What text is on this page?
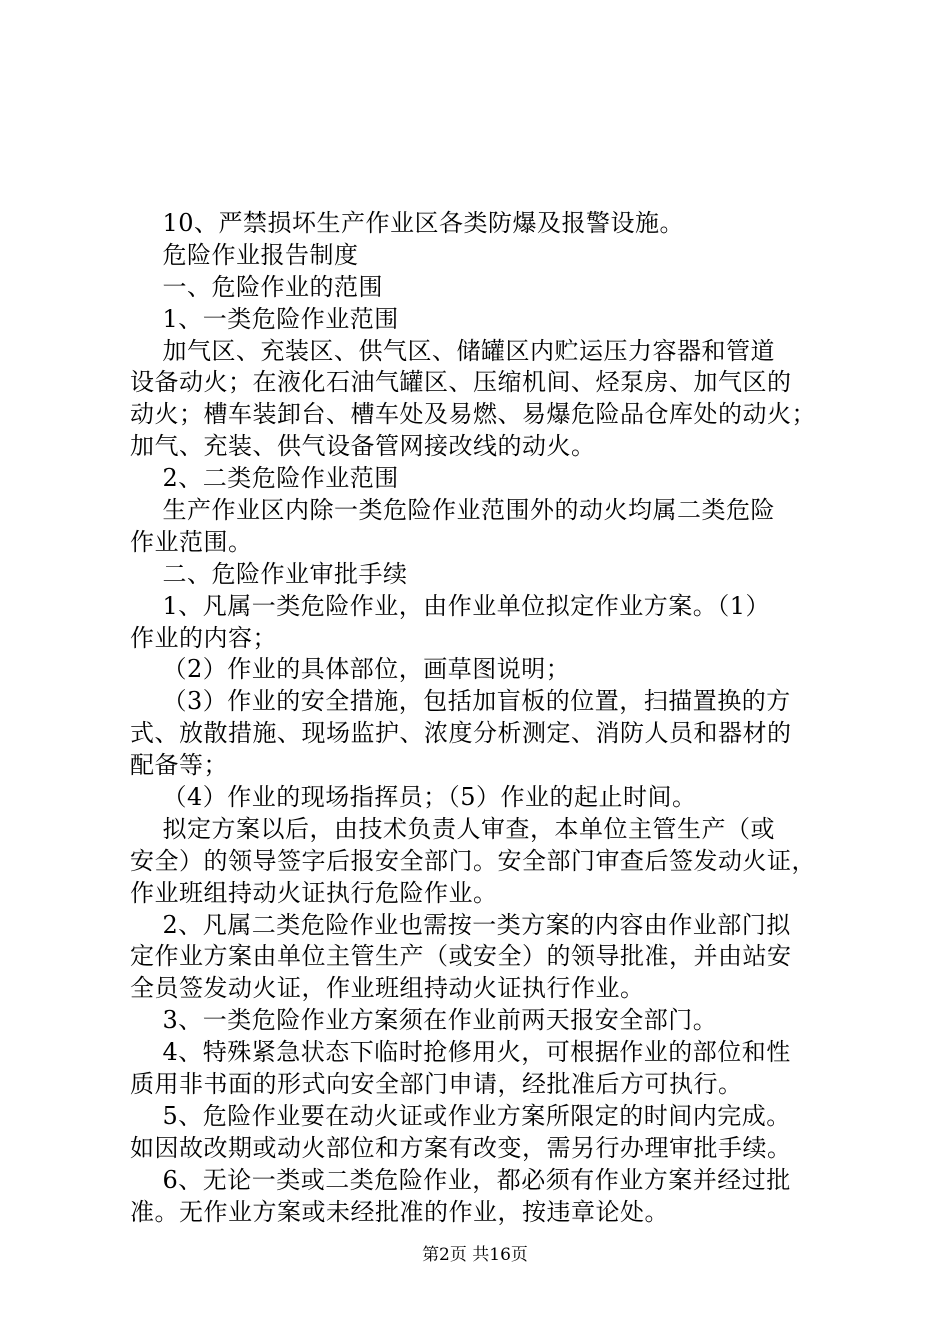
10、严禁损坏生产作业区各类防爆及报警设施。
危险作业报告制度
一、危险作业的范围
1、一类危险作业范围
加气区、充装区、供气区、储罐区内贮运压力容器和管道
设备动火；在液化石油气罐区、压缩机间、烃泵房、加气区的
动火；槽车装卸台、槽车处及易燃、易爆危险品仓库处的动火；
加气、充装、供气设备管网接改线的动火。
2、二类危险作业范围
生产作业区内除一类危险作业范围外的动火均属二类危险
作业范围。
二、危险作业审批手续
1、凡属一类危险作业，由作业单位拟定作业方案。（1）
作业的内容；
（2）作业的具体部位，画草图说明；
（3）作业的安全措施，包括加盲板的位置，扫描置换的方
式、放散措施、现场监护、浓度分析测定、消防人员和器材的
配备等；
（4）作业的现场指挥员；（5）作业的起止时间。
拟定方案以后，由技术负责人审查，本单位主管生产（或
安全）的领导签字后报安全部门。安全部门审查后签发动火证，
作业班组持动火证执行危险作业。
2、凡属二类危险作业也需按一类方案的内容由作业部门拟
定作业方案由单位主管生产（或安全）的领导批准，并由站安
全员签发动火证，作业班组持动火证执行作业。
3、一类危险作业方案须在作业前两天报安全部门。
4、特殊紧急状态下临时抢修用火，可根据作业的部位和性
质用非书面的形式向安全部门申请，经批准后方可执行。
5、危险作业要在动火证或作业方案所限定的时间内完成。
如因故改期或动火部位和方案有改变，需另行办理审批手续。
6、无论一类或二类危险作业，都必须有作业方案并经过批
准。无作业方案或未经批准的作业，按违章论处。
第2页 共16页
